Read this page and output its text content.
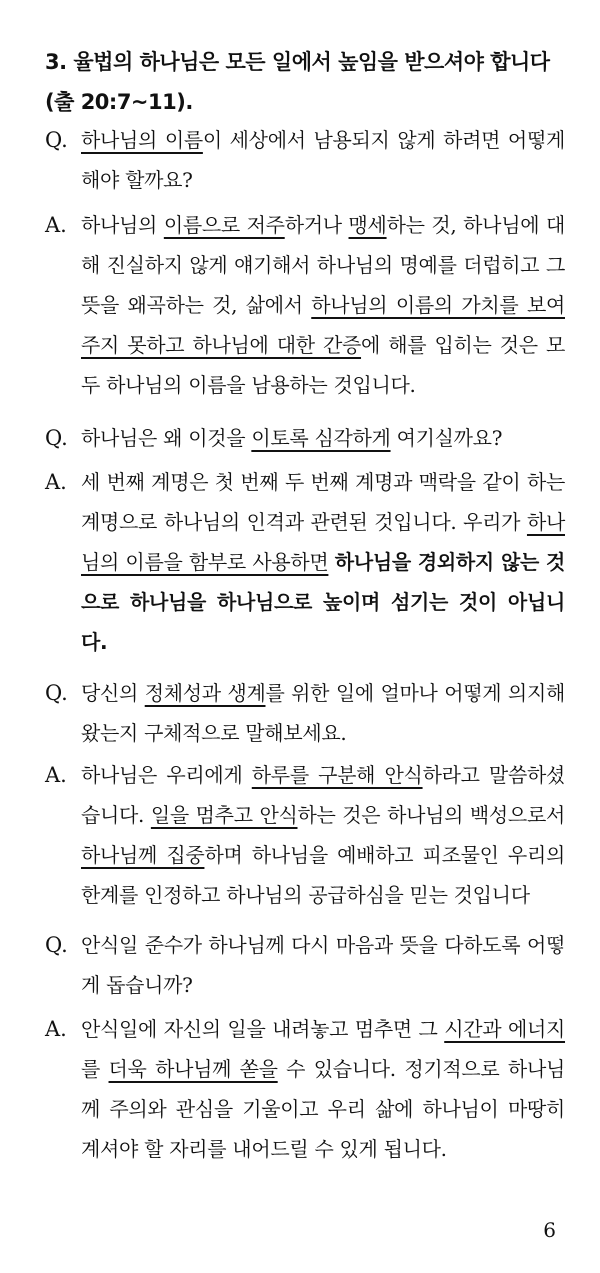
3. 율법의 하나님은 모든 일에서 높임을 받으셔야 합니다(출 20:7~11).
Q. 하나님의 이름이 세상에서 남용되지 않게 하려면 어떻게 해야 할까요?
A. 하나님의 이름으로 저주하거나 맹세하는 것, 하나님에 대해 진실하지 않게 얘기해서 하나님의 명예를 더럽히고 그 뜻을 왜곡하는 것, 삶에서 하나님의 이름의 가치를 보여 주지 못하고 하나님에 대한 간증에 해를 입히는 것은 모두 하나님의 이름을 남용하는 것입니다.
Q. 하나님은 왜 이것을 이토록 심각하게 여기실까요?
A. 세 번째 계명은 첫 번째 두 번째 계명과 맥락을 같이 하는 계명으로 하나님의 인격과 관련된 것입니다. 우리가 하나님의 이름을 함부로 사용하면 하나님을 경외하지 않는 것으로 하나님을 하나님으로 높이며 섬기는 것이 아닙니다.
Q. 당신의 정체성과 생계를 위한 일에 얼마나 어떻게 의지해 왔는지 구체적으로 말해보세요.
A. 하나님은 우리에게 하루를 구분해 안식하라고 말씀하셨습니다. 일을 멈추고 안식하는 것은 하나님의 백성으로서 하나님께 집중하며 하나님을 예배하고 피조물인 우리의 한계를 인정하고 하나님의 공급하심을 믿는 것입니다
Q. 안식일 준수가 하나님께 다시 마음과 뜻을 다하도록 어떻게 돕습니까?
A. 안식일에 자신의 일을 내려놓고 멈추면 그 시간과 에너지를 더욱 하나님께 쏟을 수 있습니다. 정기적으로 하나님께 주의와 관심을 기울이고 우리 삶에 하나님이 마땅히 계셔야 할 자리를 내어드릴 수 있게 됩니다.
6
